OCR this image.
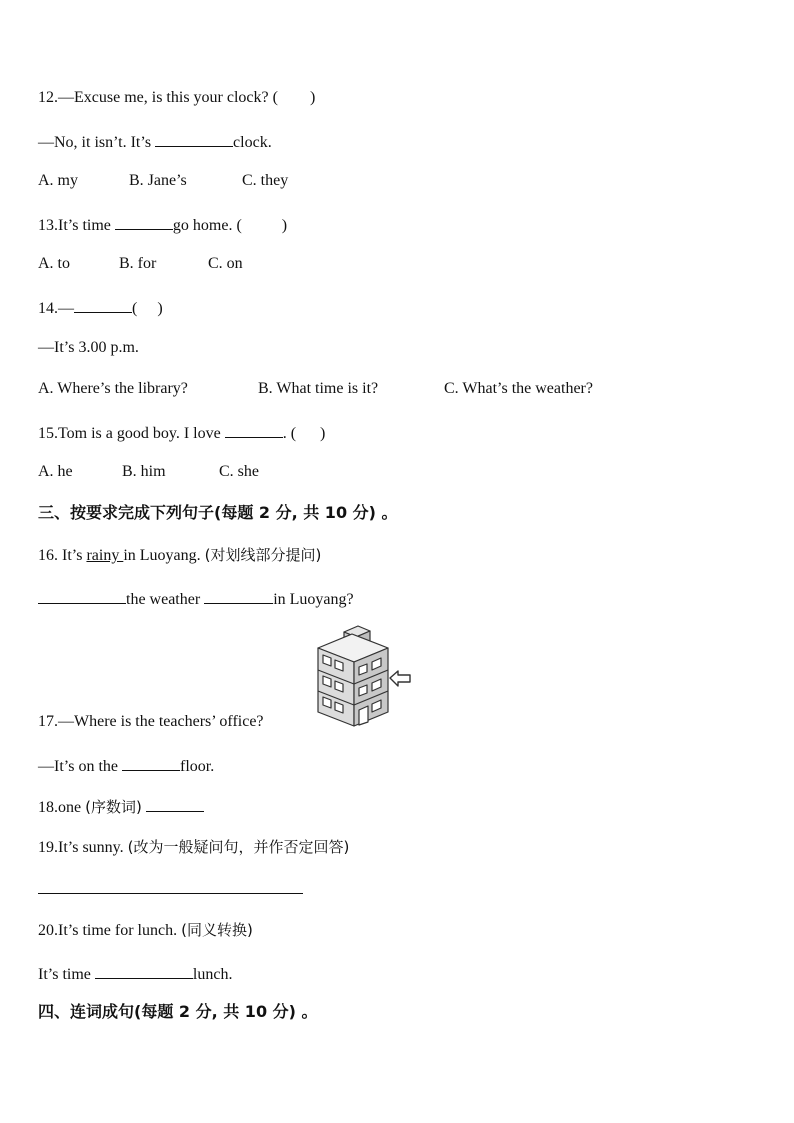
12.—Excuse me, is this your clock? (        )
—No, it isn’t. It’s	clock.
A. my	B. Jane’s	C. they
13.It’s time	go home. (          )
A. to	B. for	C. on
14.—	(     )
—It’s 3.00 p.m.
A. Where’s the library?	B. What time is it?	C. What’s the weather?
15.Tom is a good boy. I love	. (      )
A. he	B. him	C. she
三、按要求完成下列句子(每题 2 分, 共 10 分) 。
16. It’s rainy in Luoyang. (对划线部分提问)
the weather	in Luoyang?
17.—Where is the teachers’ office?
—It’s on the	floor.
18.one (序数词)
19.It’s sunny. (改为一般疑问句，并作否定回答)
20.It’s time for lunch. (同义转换)
It’s time	lunch.
四、连词成句(每题 2 分, 共 10 分) 。
